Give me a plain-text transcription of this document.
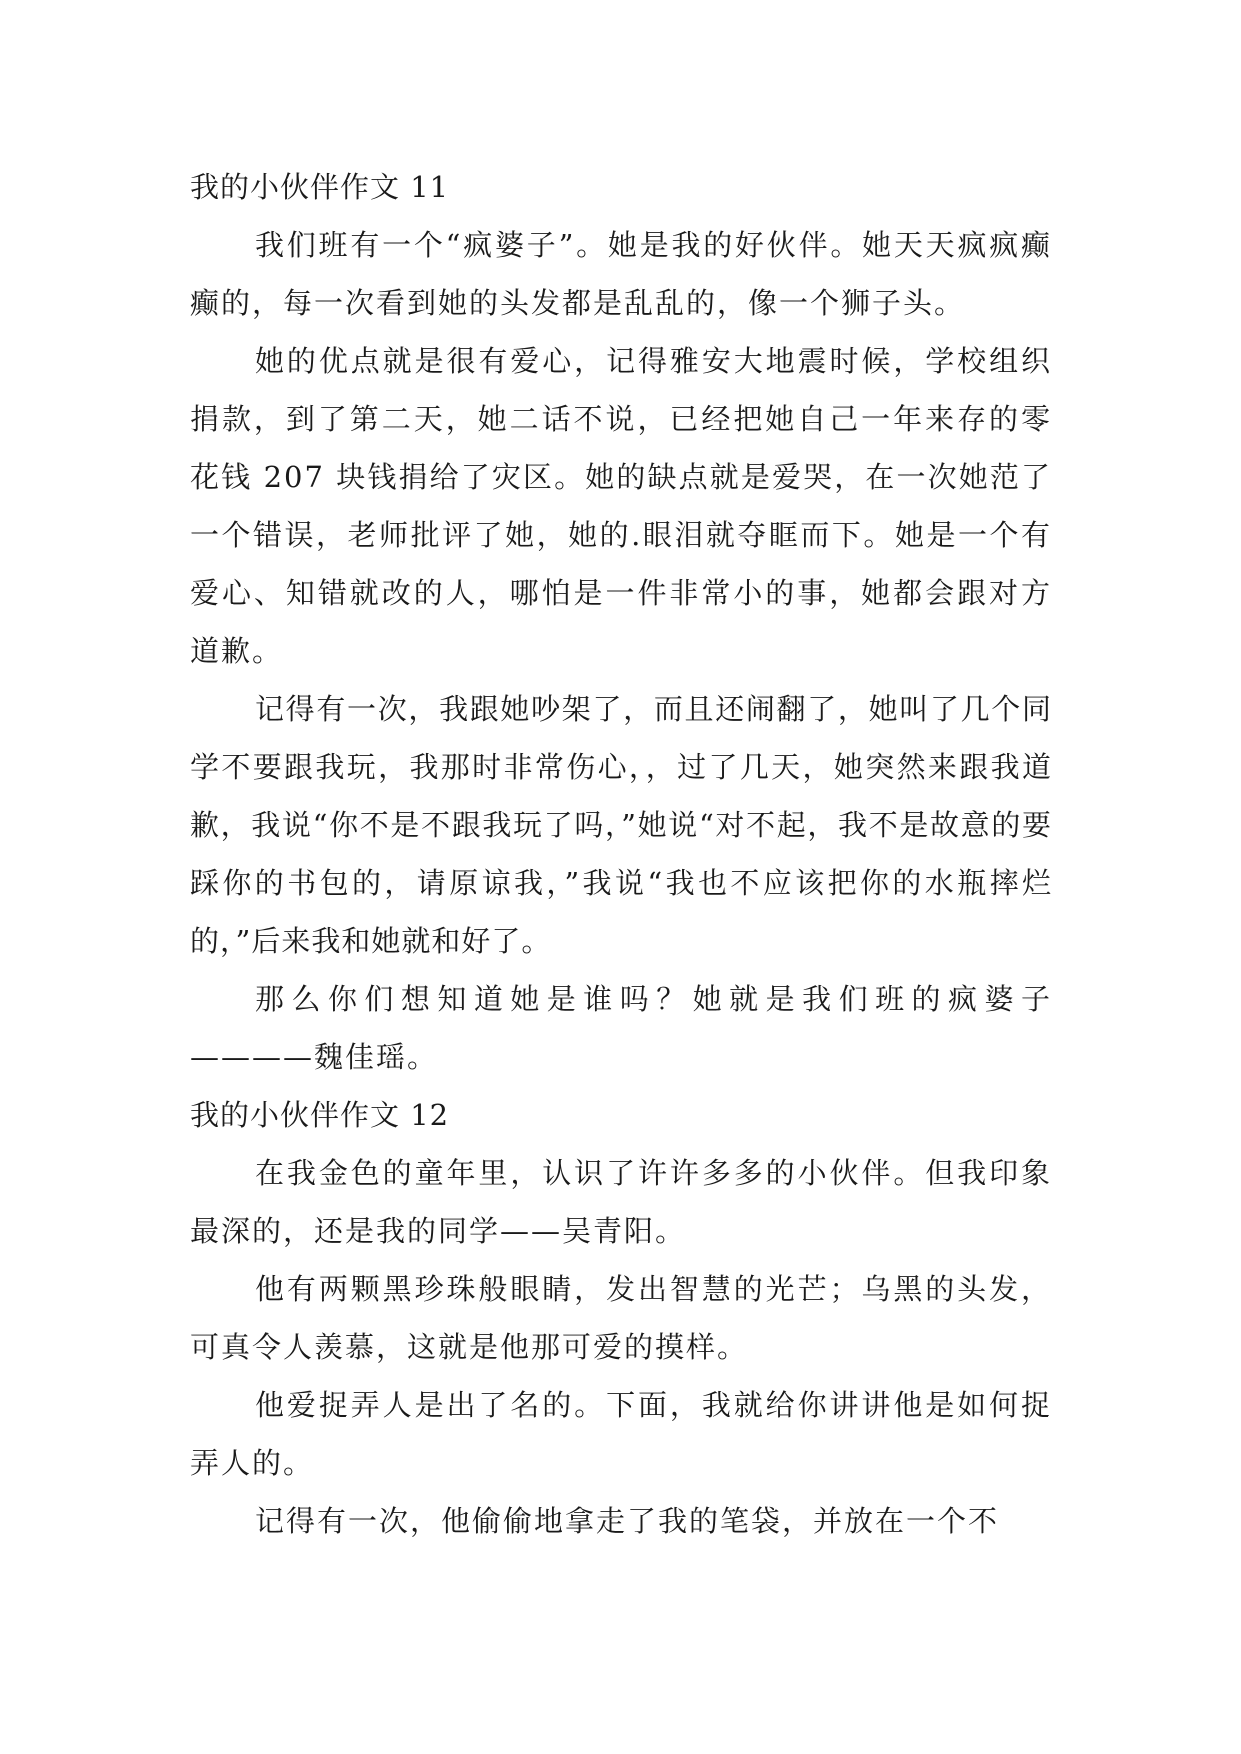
我的小伙伴作文 11

我们班有一个“疯婆子”。她是我的好伙伴。她天天疯疯癫癫的，每一次看到她的头发都是乱乱的，像一个狮子头。

她的优点就是很有爱心，记得雅安大地震时候，学校组织捐款，到了第二天，她二话不说，已经把她自己一年来存的零花钱 207 块钱捐给了灾区。她的缺点就是爱哭，在一次她范了一个错误，老师批评了她，她的.眼泪就夺眶而下。她是一个有爱心、知错就改的人，哪怕是一件非常小的事，她都会跟对方道歉。

记得有一次，我跟她吵架了，而且还闹翻了，她叫了几个同学不要跟我玩，我那时非常伤心，，过了几天，她突然来跟我道歉，我说“你不是不跟我玩了吗，”她说“对不起，我不是故意的要踩你的书包的，请原谅我，”我说“我也不应该把你的水瓶摔烂的，”后来我和她就和好了。

那么你们想知道她是谁吗？她就是我们班的疯婆子————魏佳瑶。

我的小伙伴作文 12

在我金色的童年里，认识了许许多多的小伙伴。但我印象最深的，还是我的同学——吴青阳。

他有两颗黑珍珠般眼睛，发出智慧的光芒；乌黑的头发，可真令人羡慕，这就是他那可爱的摸样。

他爱捉弄人是出了名的。下面，我就给你讲讲他是如何捉弄人的。

记得有一次，他偷偷地拿走了我的笔袋，并放在一个不
